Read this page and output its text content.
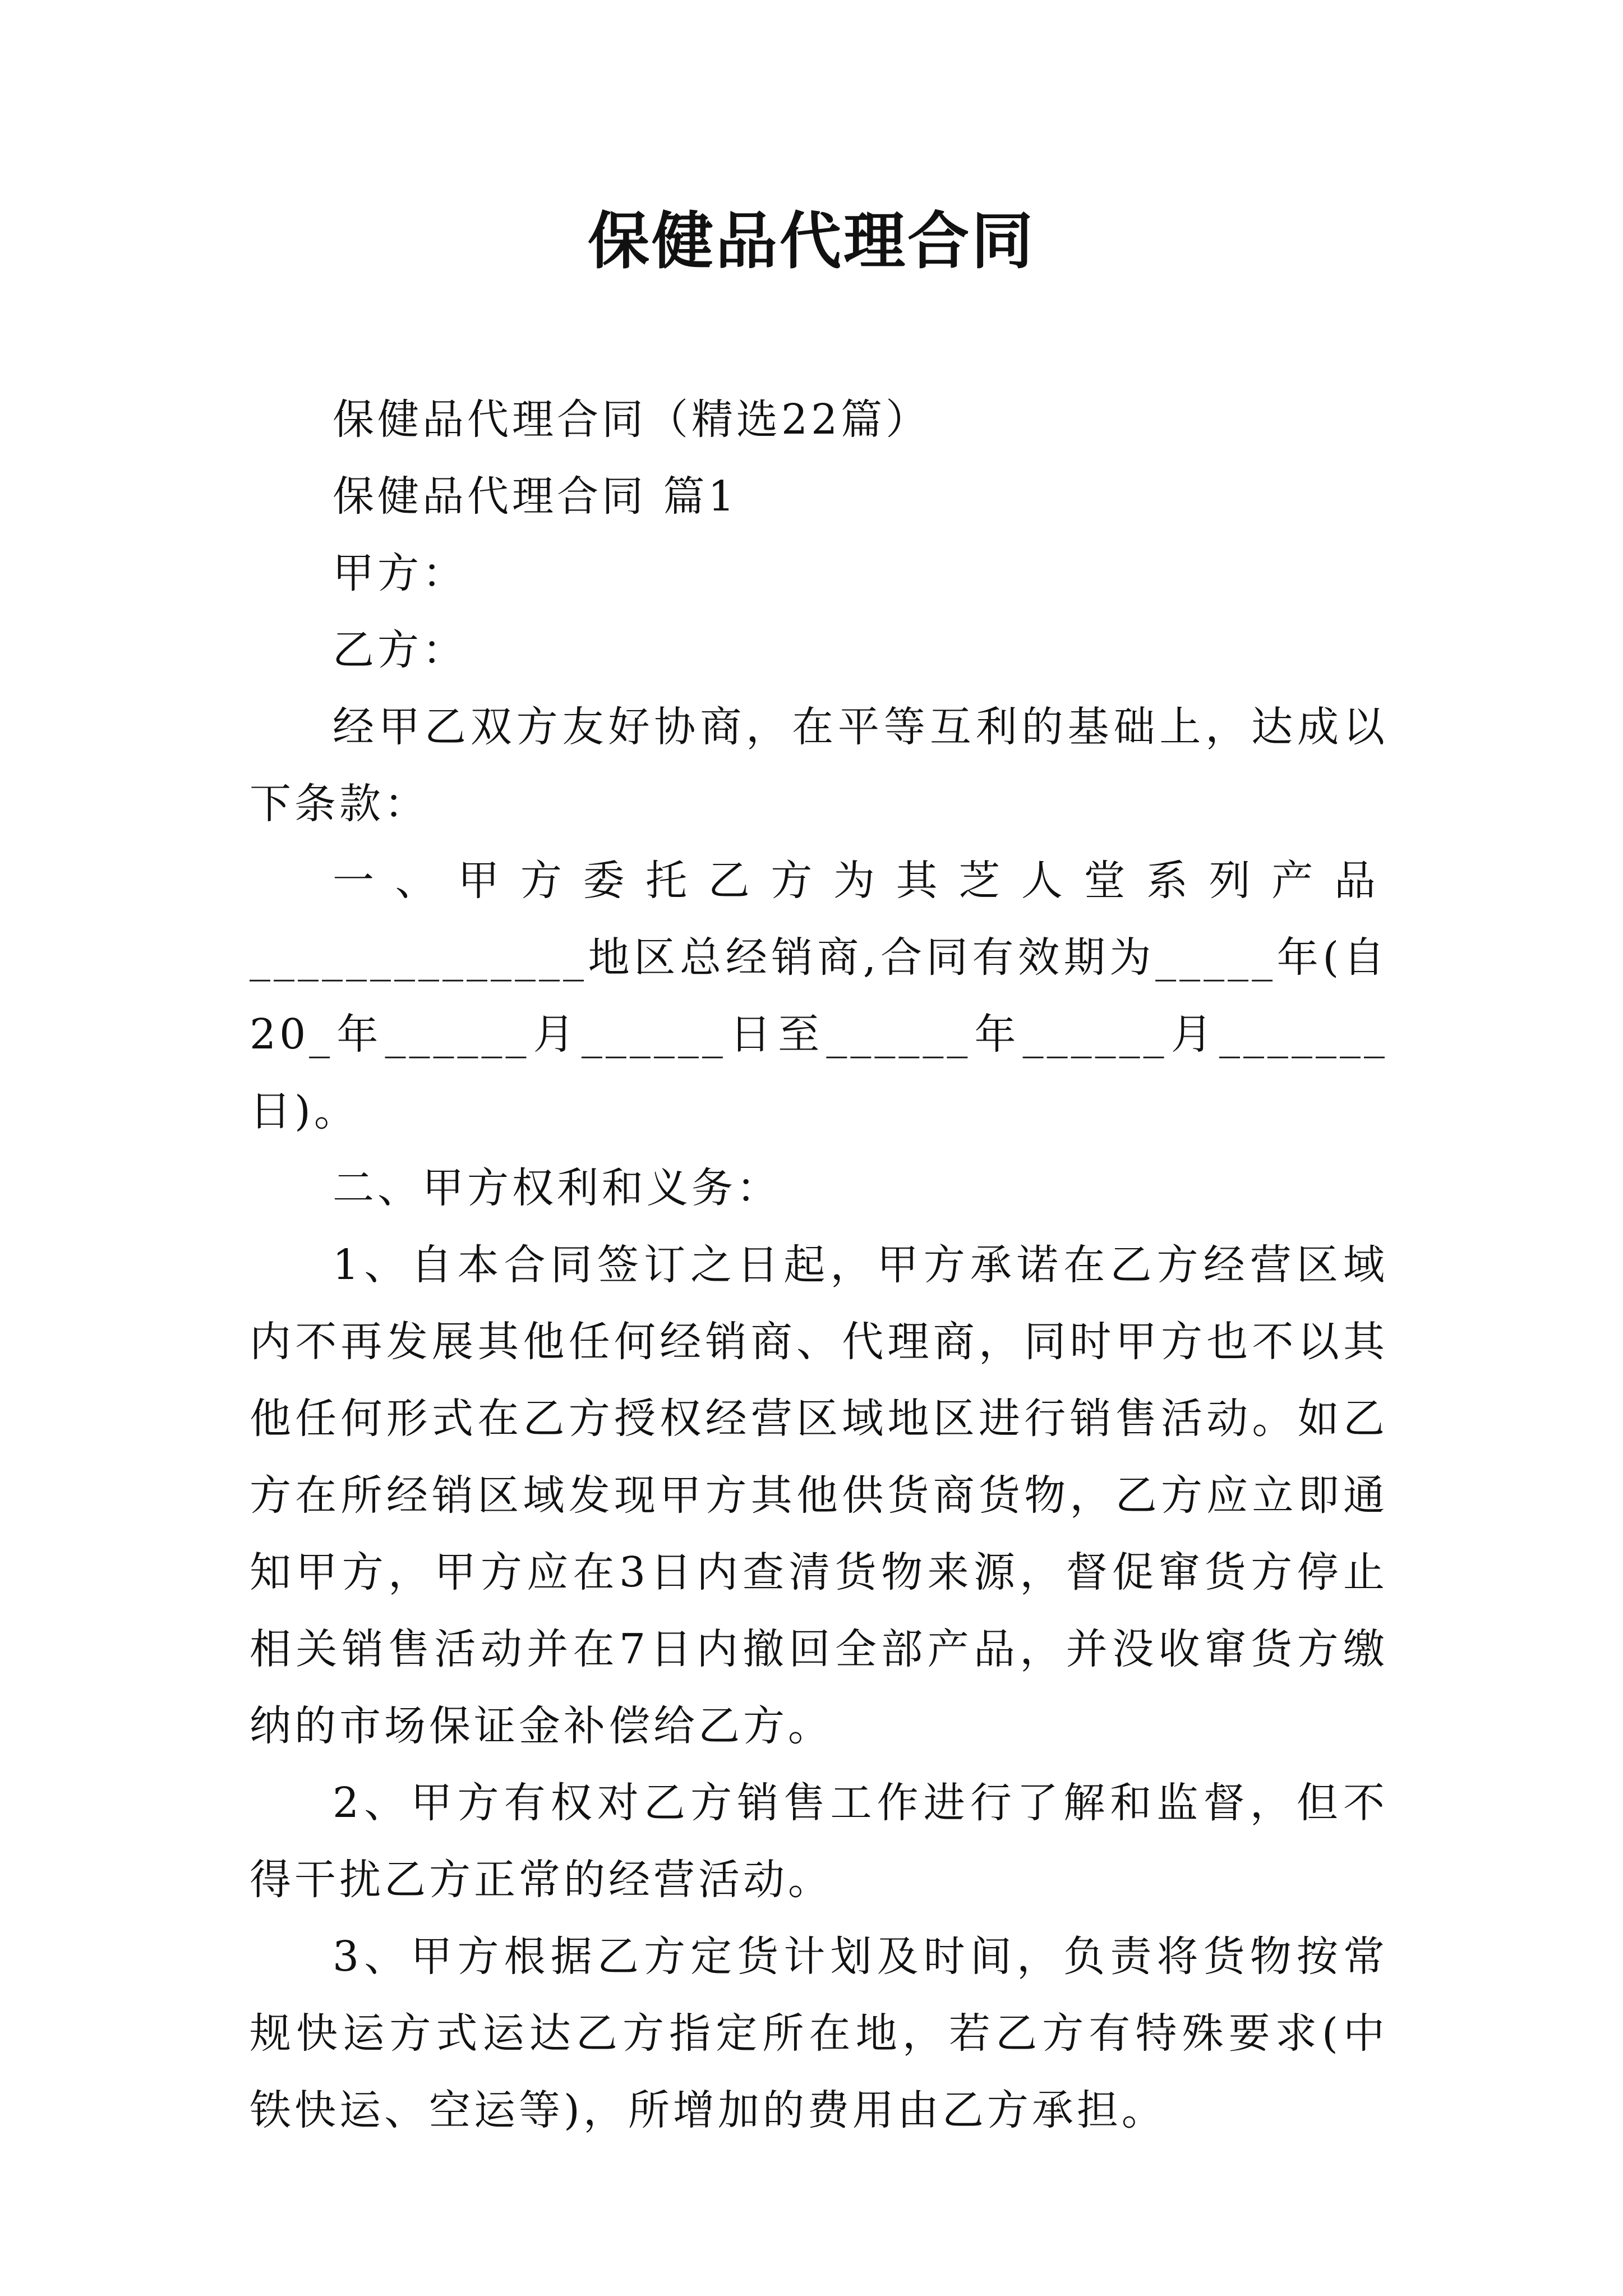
保健品代理合同

保健品代理合同（精选22篇）

保健品代理合同 篇1

甲方：

乙方：

经甲乙双方友好协商，在平等互利的基础上，达成以下条款：

一、甲方委托乙方为其芝人堂系列产品

______________地区总经销商,合同有效期为_____年(自20_年______月______日至______年______月_______日)。

二、甲方权利和义务：

1、自本合同签订之日起，甲方承诺在乙方经营区域内不再发展其他任何经销商、代理商，同时甲方也不以其他任何形式在乙方授权经营区域地区进行销售活动。如乙方在所经销区域发现甲方其他供货商货物，乙方应立即通知甲方，甲方应在3日内查清货物来源，督促窜货方停止相关销售活动并在7日内撤回全部产品，并没收窜货方缴纳的市场保证金补偿给乙方。

2、甲方有权对乙方销售工作进行了解和监督，但不得干扰乙方正常的经营活动。

3、甲方根据乙方定货计划及时间，负责将货物按常规快运方式运达乙方指定所在地，若乙方有特殊要求(中铁快运、空运等)，所增加的费用由乙方承担。
